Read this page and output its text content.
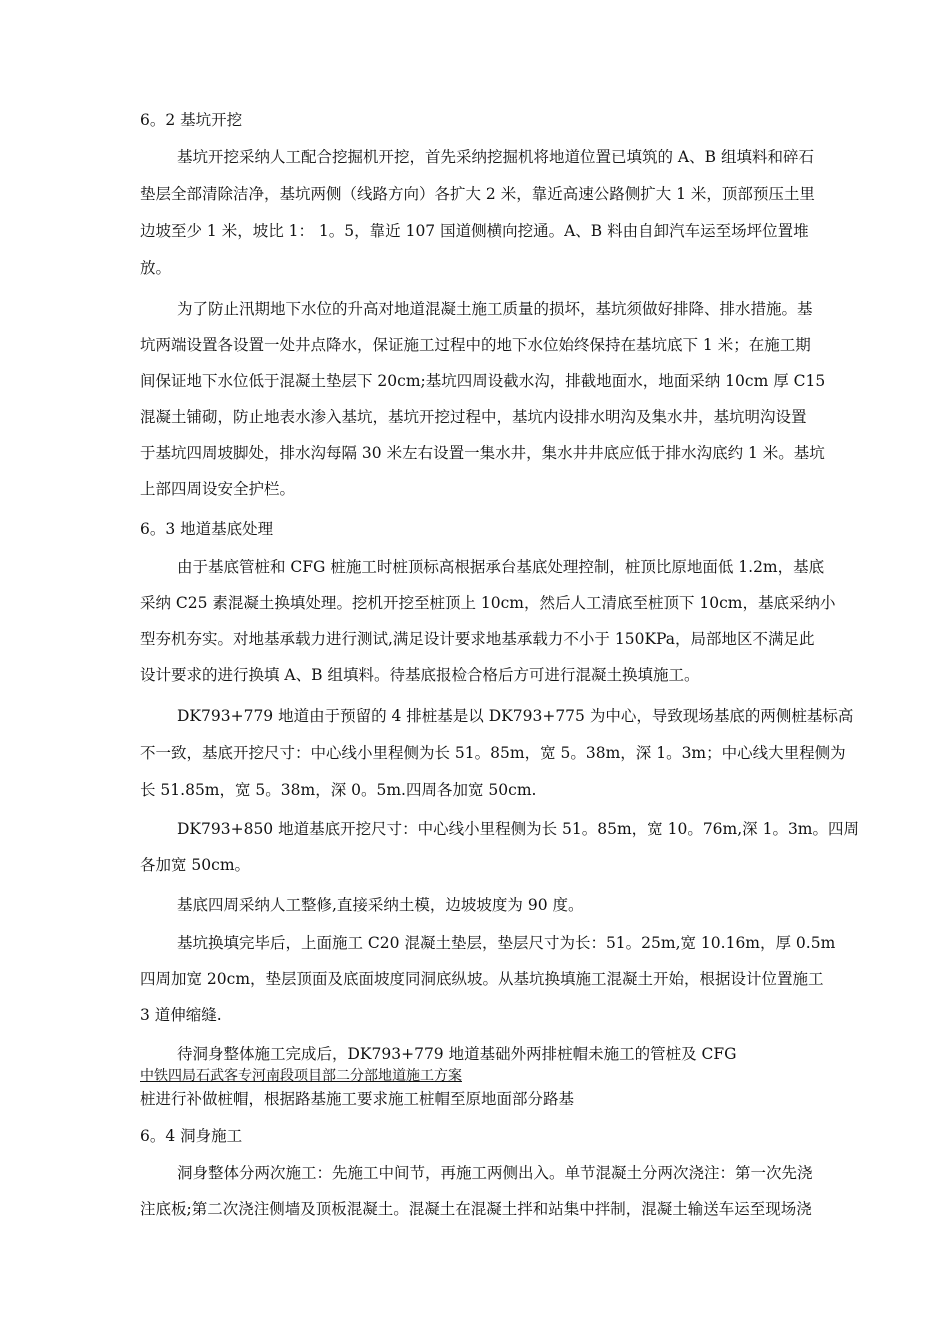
6。2 基坑开挖
基坑开挖采纳人工配合挖掘机开挖，首先采纳挖掘机将地道位置已填筑的 A、B 组填料和碎石
垫层全部清除洁净，基坑两侧（线路方向）各扩大 2 米，靠近高速公路侧扩大 1 米，顶部预压土里
边坡至少 1 米，坡比 1： 1。5，靠近 107 国道侧横向挖通。A、B 料由自卸汽车运至场坪位置堆
放。
为了防止汛期地下水位的升高对地道混凝土施工质量的损坏，基坑须做好排降、排水措施。基
坑两端设置各设置一处井点降水，保证施工过程中的地下水位始终保持在基坑底下 1 米；在施工期
间保证地下水位低于混凝土垫层下 20cm;基坑四周设截水沟，排截地面水，地面采纳 10cm 厚 C15
混凝土铺砌，防止地表水渗入基坑，基坑开挖过程中，基坑内设排水明沟及集水井，基坑明沟设置
于基坑四周坡脚处，排水沟每隔 30 米左右设置一集水井，集水井井底应低于排水沟底约 1 米。基坑
上部四周设安全护栏。
6。3 地道基底处理
由于基底管桩和 CFG 桩施工时桩顶标高根据承台基底处理控制，桩顶比原地面低 1.2m，基底
采纳 C25 素混凝土换填处理。挖机开挖至桩顶上 10cm，然后人工清底至桩顶下 10cm，基底采纳小
型夯机夯实。对地基承载力进行测试,满足设计要求地基承载力不小于 150KPa，局部地区不满足此
设计要求的进行换填 A、B 组填料。待基底报检合格后方可进行混凝土换填施工。
DK793+779 地道由于预留的 4 排桩基是以 DK793+775 为中心，导致现场基底的两侧桩基标高
不一致，基底开挖尺寸：中心线小里程侧为长 51。85m，宽 5。38m，深 1。3m；中心线大里程侧为
长 51.85m，宽 5。38m，深 0。5m.四周各加宽 50cm.
DK793+850 地道基底开挖尺寸：中心线小里程侧为长 51。85m，宽 10。76m,深 1。3m。四周
各加宽 50cm。
基底四周采纳人工整修,直接采纳土模，边坡坡度为 90 度。
基坑换填完毕后，上面施工 C20 混凝土垫层，垫层尺寸为长：51。25m,宽 10.16m，厚 0.5m
四周加宽 20cm，垫层顶面及底面坡度同洞底纵坡。从基坑换填施工混凝土开始，根据设计位置施工
3 道伸缩缝.
待洞身整体施工完成后，DK793+779 地道基础外两排桩帽未施工的管桩及 CFG
中铁四局石武客专河南段项目部二分部地道施工方案
桩进行补做桩帽，根据路基施工要求施工桩帽至原地面部分路基
6。4 洞身施工
洞身整体分两次施工：先施工中间节，再施工两侧出入。单节混凝土分两次浇注：第一次先浇
注底板;第二次浇注侧墙及顶板混凝土。混凝土在混凝土拌和站集中拌制，混凝土输送车运至现场浇
